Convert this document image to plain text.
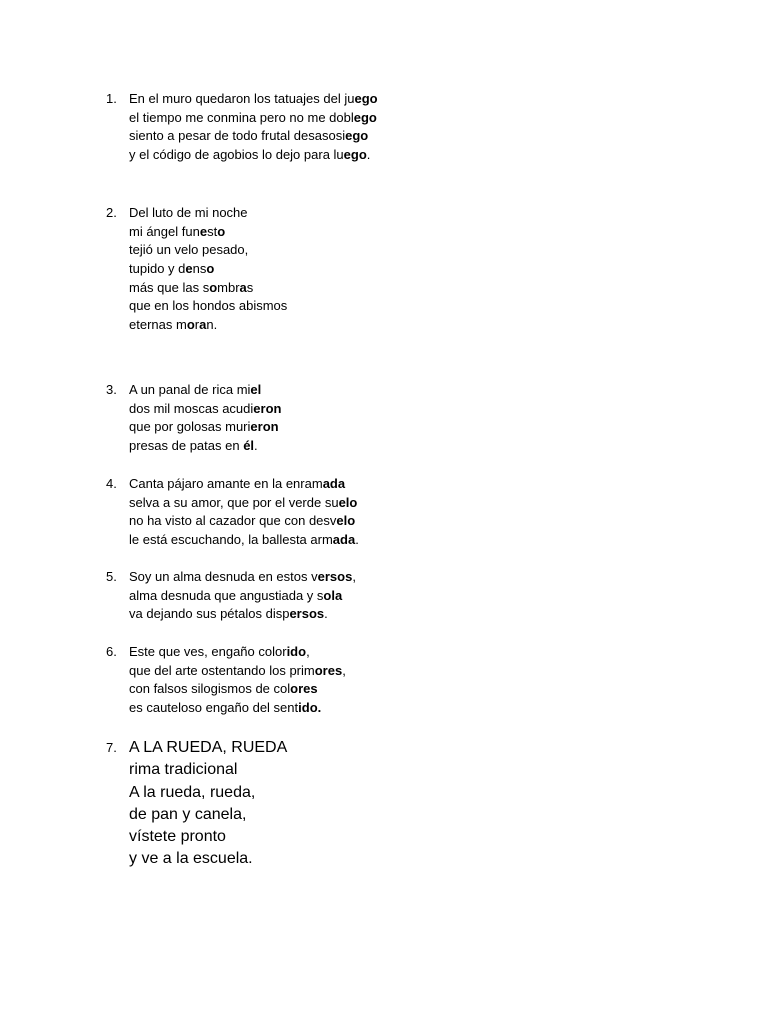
1. En el muro quedaron los tatuajes del juego
el tiempo me conmina pero no me doblego
siento a pesar de todo frutal desasosiego
y el código de agobios lo dejo para luego.
2. Del luto de mi noche
mi ángel funesto
tejió un velo pesado,
tupido y denso
más que las sombras
que en los hondos abismos
eternas moran.
3. A un panal de rica miel
dos mil moscas acudieron
que por golosas murieron
presas de patas en él.
4. Canta pájaro amante en la enramada
selva a su amor, que por el verde suelo
no ha visto al cazador que con desvelo
le está escuchando, la ballesta armada.
5. Soy un alma desnuda en estos versos,
alma desnuda que angustiada y sola
va dejando sus pétalos dispersos.
6. Este que ves, engaño colorido,
que del arte ostentando los primores,
con falsos silogismos de colores
es cauteloso engaño del sentido.
7. A LA RUEDA, RUEDA
rima tradicional
A la rueda, rueda,
de pan y canela,
vístete pronto
y ve a la escuela.
